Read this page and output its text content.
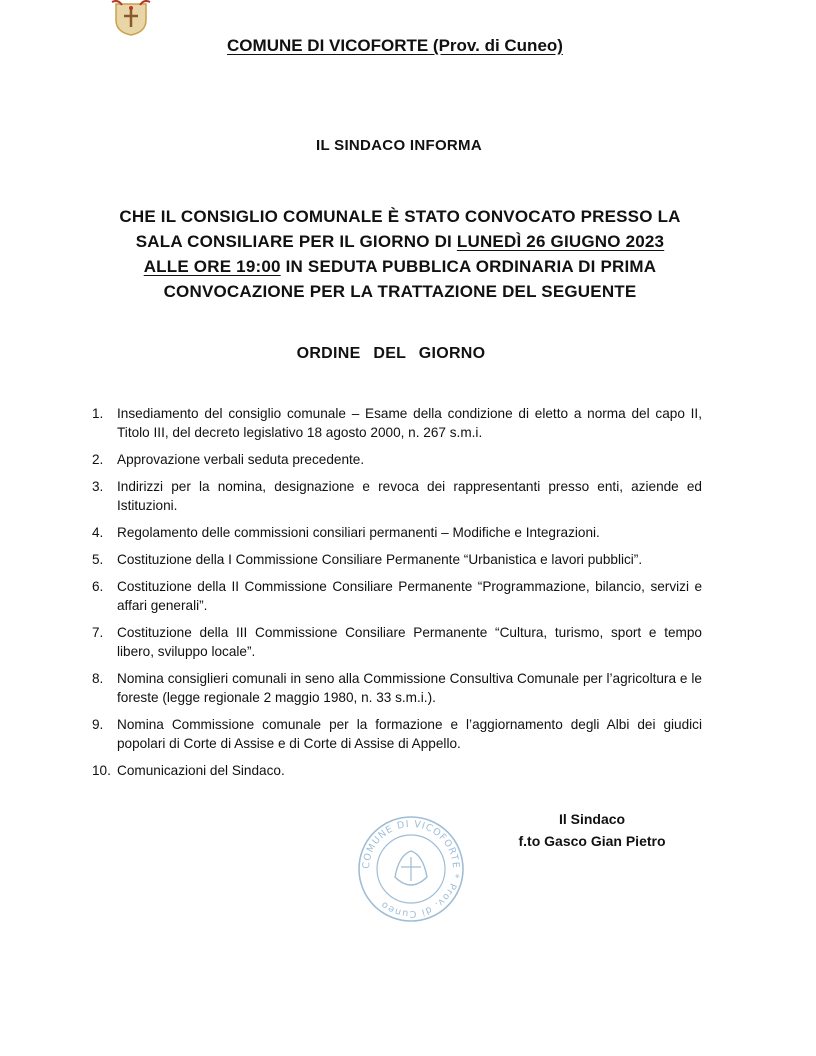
COMUNE DI VICOFORTE (Prov. di Cuneo)
IL SINDACO INFORMA
CHE IL CONSIGLIO COMUNALE È STATO CONVOCATO PRESSO LA
SALA CONSILIARE PER IL GIORNO DI LUNEDÌ 26 GIUGNO 2023
ALLE ORE 19:00 IN SEDUTA PUBBLICA ORDINARIA DI PRIMA
CONVOCAZIONE PER LA TRATTAZIONE DEL SEGUENTE
ORDINE DEL GIORNO
1. Insediamento del consiglio comunale – Esame della condizione di eletto a norma del capo II, Titolo III, del decreto legislativo 18 agosto 2000, n. 267 s.m.i.
2. Approvazione verbali seduta precedente.
3. Indirizzi per la nomina, designazione e revoca dei rappresentanti presso enti, aziende ed Istituzioni.
4. Regolamento delle commissioni consiliari permanenti – Modifiche e Integrazioni.
5. Costituzione della I Commissione Consiliare Permanente “Urbanistica e lavori pubblici”.
6. Costituzione della II Commissione Consiliare Permanente “Programmazione, bilancio, servizi e affari generali”.
7. Costituzione della III Commissione Consiliare Permanente “Cultura, turismo, sport e tempo libero, sviluppo locale”.
8. Nomina consiglieri comunali in seno alla Commissione Consultiva Comunale per l’agricoltura e le foreste (legge regionale 2 maggio 1980, n. 33 s.m.i.).
9. Nomina Commissione comunale per la formazione e l’aggiornamento degli Albi dei giudici popolari di Corte di Assise e di Corte di Assise di Appello.
10. Comunicazioni del Sindaco.
COMUNE DI VICOFORTE * Prov. di Cuneo
Il Sindaco
f.to Gasco Gian Pietro
